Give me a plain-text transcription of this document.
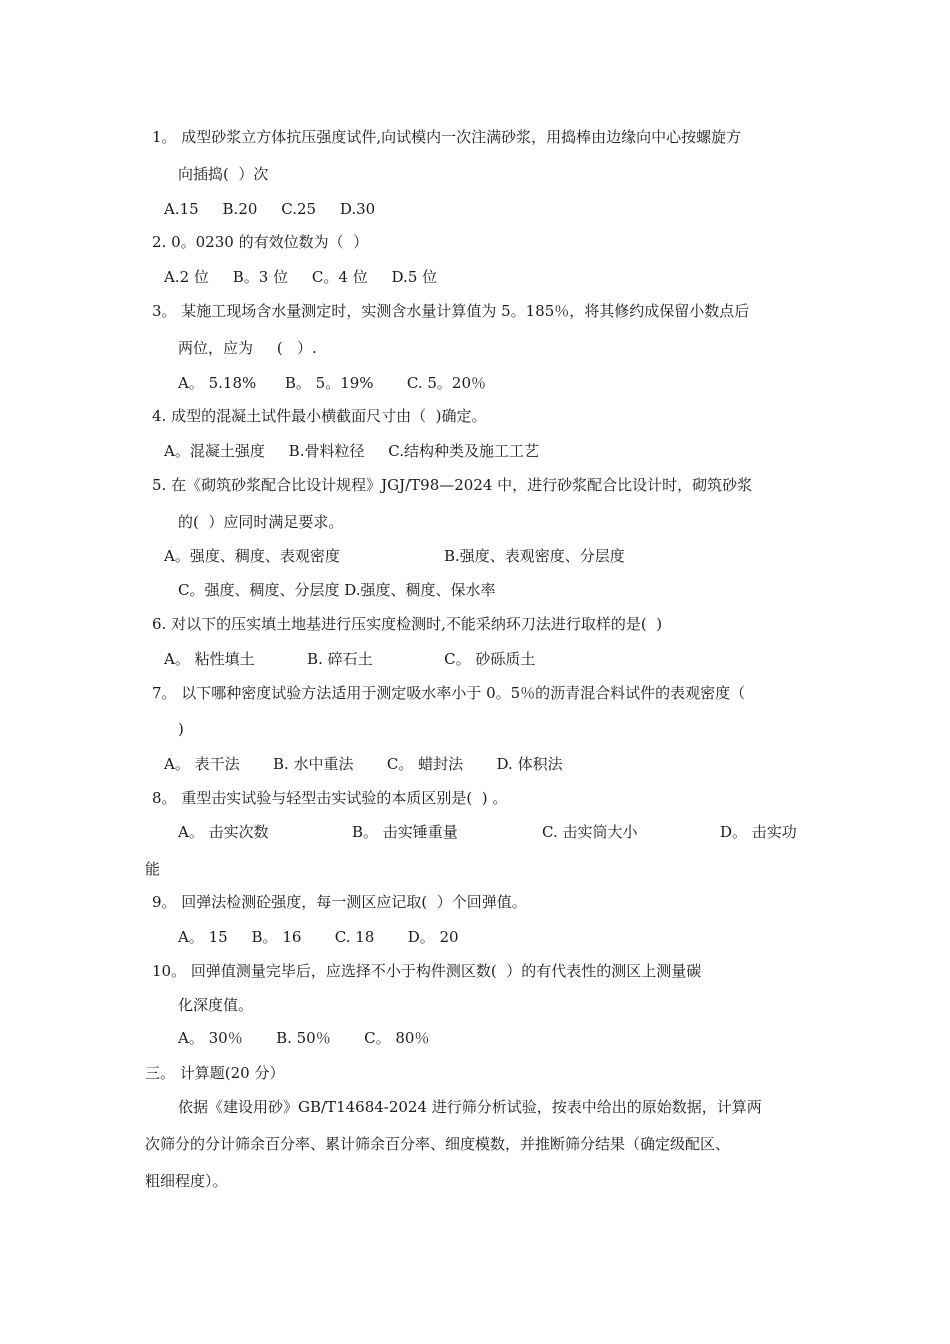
1。 成型砂浆立方体抗压强度试件,向试模内一次注满砂浆，用捣棒由边缘向中心按螺旋方
向插捣(  ）次
A.15     B.20     C.25     D.30
2. 0。0230 的有效位数为（  ）
A.2 位     B。3 位     C。4 位     D.5 位
3。 某施工现场含水量测定时，实测含水量计算值为 5。185％，将其修约成保留小数点后
两位，应为     (   ）.
A。 5.18%      B。 5。19%       C. 5。20％
4. 成型的混凝土试件最小横截面尺寸由（  )确定。
A。混凝土强度     B.骨料粒径     C.结构种类及施工工艺
5. 在《砌筑砂浆配合比设计规程》JGJ/T98—2024 中，进行砂浆配合比设计时，砌筑砂浆
的(  ）应同时满足要求。
A。强度、稠度、表观密度	B.强度、表观密度、分层度
C。强度、稠度、分层度 D.强度、稠度、保水率
6. 对以下的压实填土地基进行压实度检测时,不能采纳环刀法进行取样的是(  )
A。 粘性填土           B. 碎石土               C。 砂砾质土
7。 以下哪种密度试验方法适用于测定吸水率小于 0。5％的沥青混合料试件的表观密度（
)
A。 表干法       B. 水中重法       C。 蜡封法       D. 体积法
8。 重型击实试验与轻型击实试验的本质区别是(  ) 。
A。 击实次数	B。 击实锤重量	C. 击实筒大小	D。 击实功
能
9。 回弹法检测砼强度，每一测区应记取(  ）个回弹值。
A。 15     B。 16       C. 18       D。 20
10。 回弹值测量完毕后，应选择不小于构件测区数(  ）的有代表性的测区上测量碳
化深度值。
A。 30％       B. 50％       C。 80％
三。 计算题(20 分）
依据《建设用砂》GB/T14684-2024 进行筛分析试验，按表中给出的原始数据，计算两
次筛分的分计筛余百分率、累计筛余百分率、细度模数，并推断筛分结果（确定级配区、
粗细程度）。
